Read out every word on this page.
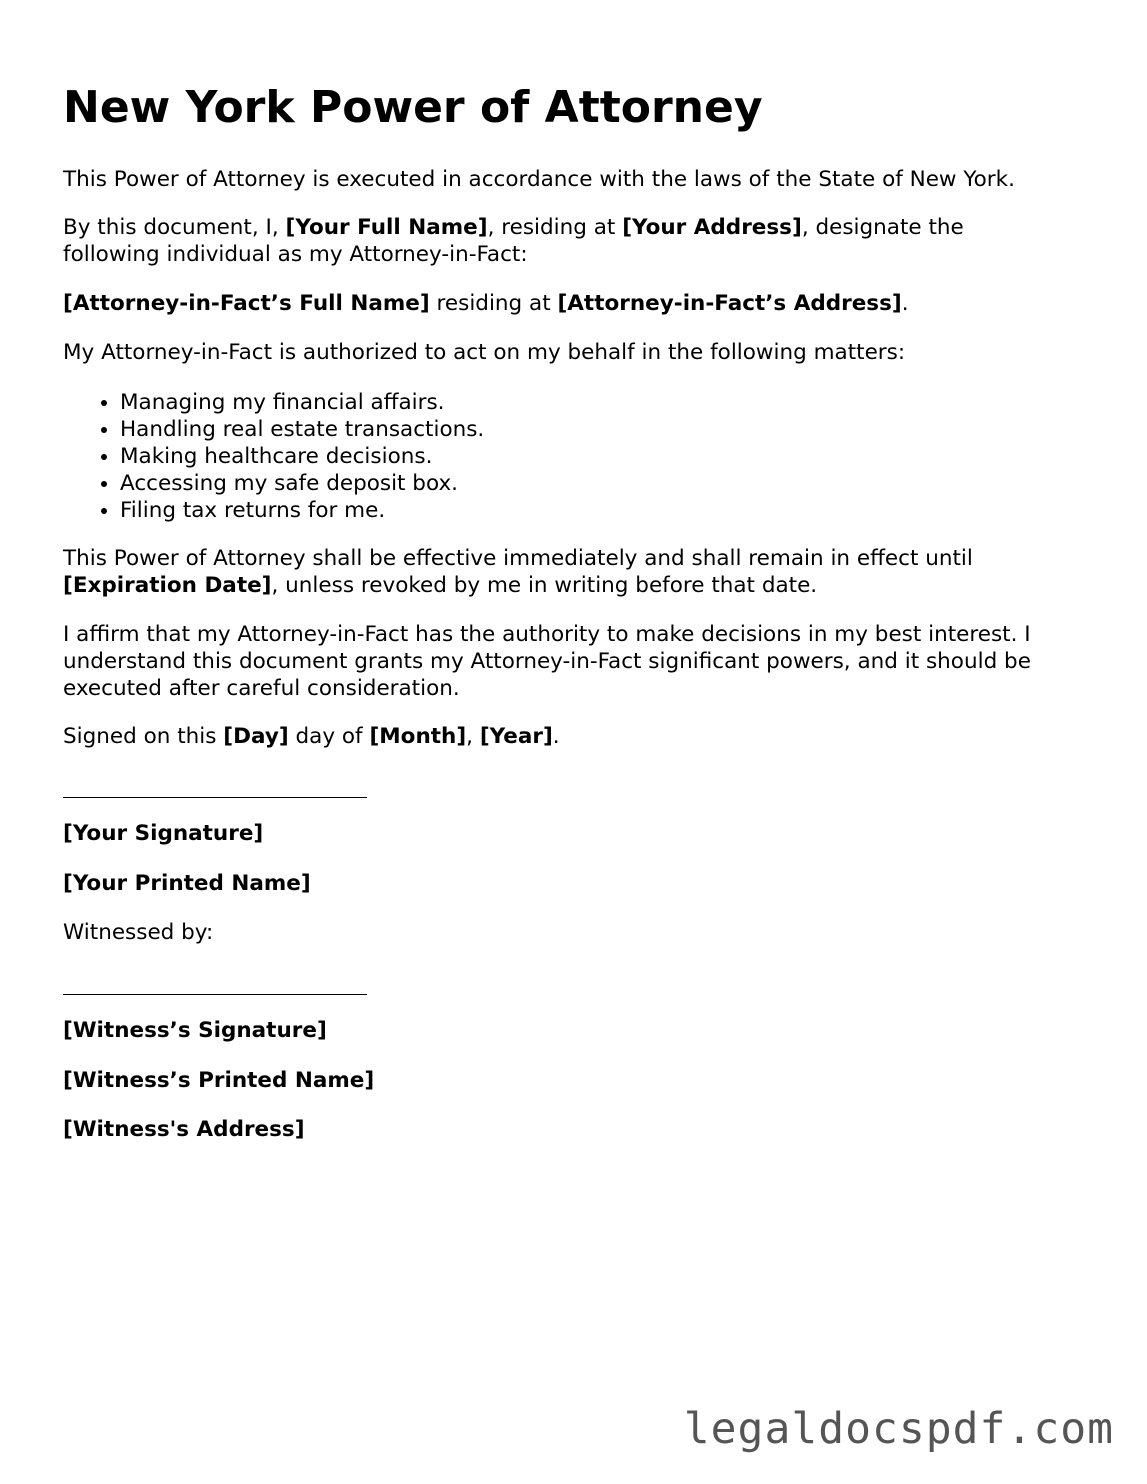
New York Power of Attorney

This Power of Attorney is executed in accordance with the laws of the State of New York.

By this document, I, [Your Full Name], residing at [Your Address], designate the
following individual as my Attorney-in-Fact:

[Attorney-in-Fact’s Full Name] residing at [Attorney-in-Fact’s Address].

My Attorney-in-Fact is authorized to act on my behalf in the following matters:

• Managing my financial affairs.
• Handling real estate transactions.
• Making healthcare decisions.
• Accessing my safe deposit box.
• Filing tax returns for me.

This Power of Attorney shall be effective immediately and shall remain in effect until
[Expiration Date], unless revoked by me in writing before that date.

I affirm that my Attorney-in-Fact has the authority to make decisions in my best interest. I
understand this document grants my Attorney-in-Fact significant powers, and it should be
executed after careful consideration.

Signed on this [Day] day of [Month], [Year].

[Your Signature]

[Your Printed Name]

Witnessed by:

[Witness’s Signature]

[Witness’s Printed Name]

[Witness's Address]

legaldocspdf.com
